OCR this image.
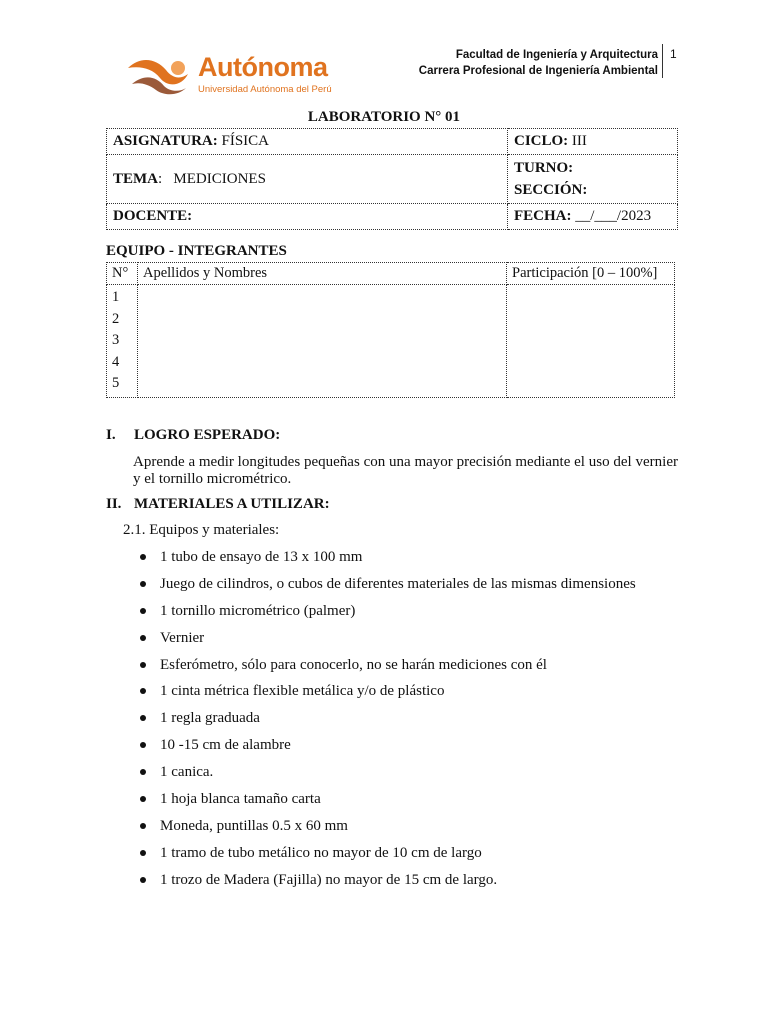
Autónoma
Universidad Autónoma del Perú
Facultad de Ingeniería y Arquitectura
Carrera Profesional de Ingeniería Ambiental
1
LABORATORIO N° 01
ASIGNATURA: FÍSICA	CICLO: III
TEMA:   MEDICIONES	TURNO:
SECCIÓN:

DOCENTE:	FECHA: __/___/2023
EQUIPO - INTEGRANTES
N°	Apellidos y Nombres	Participación [0 – 100%]

1
2
3
4
5		

I. LOGRO ESPERADO:
Aprende a medir longitudes pequeñas con una mayor precisión mediante el uso del vernier y el tornillo micrométrico.
II. MATERIALES A UTILIZAR:
2.1. Equipos y materiales:
1 tubo de ensayo de 13 x 100 mm
Juego de cilindros, o cubos de diferentes materiales de las mismas dimensiones
1 tornillo micrométrico (palmer)
Vernier
Esferómetro, sólo para conocerlo, no se harán mediciones con él
1 cinta métrica flexible metálica y/o de plástico
1 regla graduada
10 -15 cm de alambre
1 canica.
1 hoja blanca tamaño carta
Moneda, puntillas 0.5 x 60 mm
1 tramo de tubo metálico no mayor de 10 cm de largo
1 trozo de Madera (Fajilla) no mayor de 15 cm de largo.
